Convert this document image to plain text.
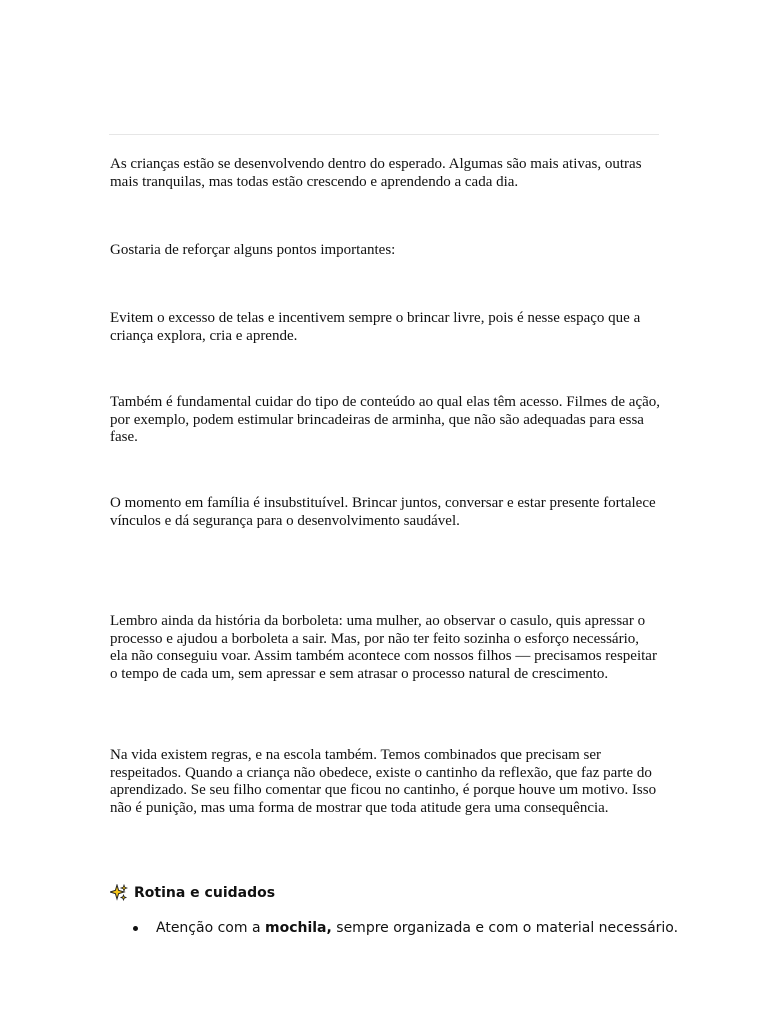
As crianças estão se desenvolvendo dentro do esperado. Algumas são mais ativas, outras mais tranquilas, mas todas estão crescendo e aprendendo a cada dia.

Gostaria de reforçar alguns pontos importantes:

Evitem o excesso de telas e incentivem sempre o brincar livre, pois é nesse espaço que a criança explora, cria e aprende.

Também é fundamental cuidar do tipo de conteúdo ao qual elas têm acesso. Filmes de ação, por exemplo, podem estimular brincadeiras de arminha, que não são adequadas para essa fase.

O momento em família é insubstituível. Brincar juntos, conversar e estar presente fortalece vínculos e dá segurança para o desenvolvimento saudável.

Lembro ainda da história da borboleta: uma mulher, ao observar o casulo, quis apressar o processo e ajudou a borboleta a sair. Mas, por não ter feito sozinha o esforço necessário, ela não conseguiu voar. Assim também acontece com nossos filhos — precisamos respeitar o tempo de cada um, sem apressar e sem atrasar o processo natural de crescimento.

Na vida existem regras, e na escola também. Temos combinados que precisam ser respeitados. Quando a criança não obedece, existe o cantinho da reflexão, que faz parte do aprendizado. Se seu filho comentar que ficou no cantinho, é porque houve um motivo. Isso não é punição, mas uma forma de mostrar que toda atitude gera uma consequência.

Rotina e cuidados
Atenção com a mochila, sempre organizada e com o material necessário.
